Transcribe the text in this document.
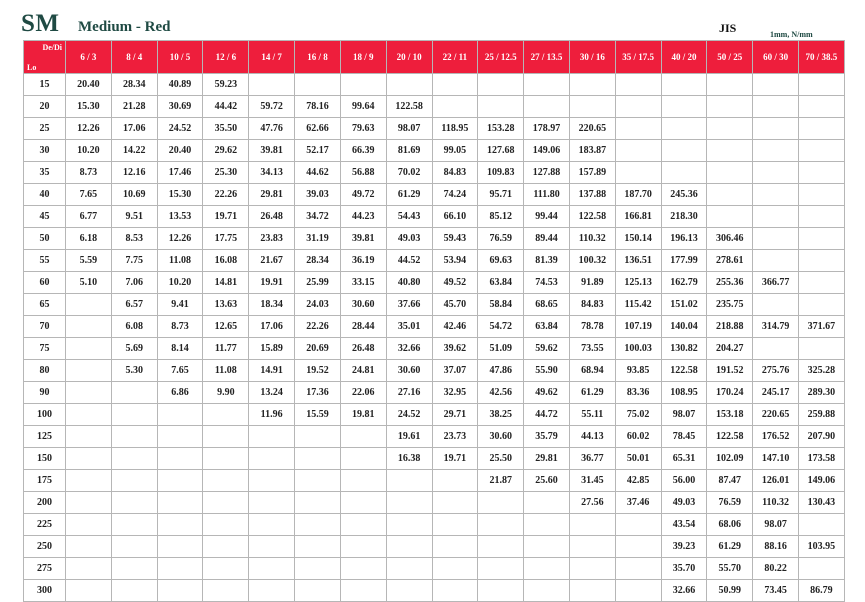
SM Medium - Red	JIS	1mm, N/mm
De/Di
Lo	6 / 3	8 / 4	10 / 5	12 / 6	14 / 7	16 / 8	18 / 9	20 / 10	22 / 11	25 / 12.5	27 / 13.5	30 / 16	35 / 17.5	40 / 20	50 / 25	60 / 30	70 / 38.5
15	20.40	28.34	40.89	59.23													
20	15.30	21.28	30.69	44.42	59.72	78.16	99.64	122.58									
25	12.26	17.06	24.52	35.50	47.76	62.66	79.63	98.07	118.95	153.28	178.97	220.65					
30	10.20	14.22	20.40	29.62	39.81	52.17	66.39	81.69	99.05	127.68	149.06	183.87					
35	8.73	12.16	17.46	25.30	34.13	44.62	56.88	70.02	84.83	109.83	127.88	157.89					
40	7.65	10.69	15.30	22.26	29.81	39.03	49.72	61.29	74.24	95.71	111.80	137.88	187.70	245.36			
45	6.77	9.51	13.53	19.71	26.48	34.72	44.23	54.43	66.10	85.12	99.44	122.58	166.81	218.30			
50	6.18	8.53	12.26	17.75	23.83	31.19	39.81	49.03	59.43	76.59	89.44	110.32	150.14	196.13	306.46		
55	5.59	7.75	11.08	16.08	21.67	28.34	36.19	44.52	53.94	69.63	81.39	100.32	136.51	177.99	278.61		
60	5.10	7.06	10.20	14.81	19.91	25.99	33.15	40.80	49.52	63.84	74.53	91.89	125.13	162.79	255.36	366.77	
65		6.57	9.41	13.63	18.34	24.03	30.60	37.66	45.70	58.84	68.65	84.83	115.42	151.02	235.75		
70		6.08	8.73	12.65	17.06	22.26	28.44	35.01	42.46	54.72	63.84	78.78	107.19	140.04	218.88	314.79	371.67
75		5.69	8.14	11.77	15.89	20.69	26.48	32.66	39.62	51.09	59.62	73.55	100.03	130.82	204.27		
80		5.30	7.65	11.08	14.91	19.52	24.81	30.60	37.07	47.86	55.90	68.94	93.85	122.58	191.52	275.76	325.28
90			6.86	9.90	13.24	17.36	22.06	27.16	32.95	42.56	49.62	61.29	83.36	108.95	170.24	245.17	289.30
100					11.96	15.59	19.81	24.52	29.71	38.25	44.72	55.11	75.02	98.07	153.18	220.65	259.88
125								19.61	23.73	30.60	35.79	44.13	60.02	78.45	122.58	176.52	207.90
150								16.38	19.71	25.50	29.81	36.77	50.01	65.31	102.09	147.10	173.58
175										21.87	25.60	31.45	42.85	56.00	87.47	126.01	149.06
200												27.56	37.46	49.03	76.59	110.32	130.43
225														43.54	68.06	98.07	
250														39.23	61.29	88.16	103.95
275														35.70	55.70	80.22	
300														32.66	50.99	73.45	86.79
